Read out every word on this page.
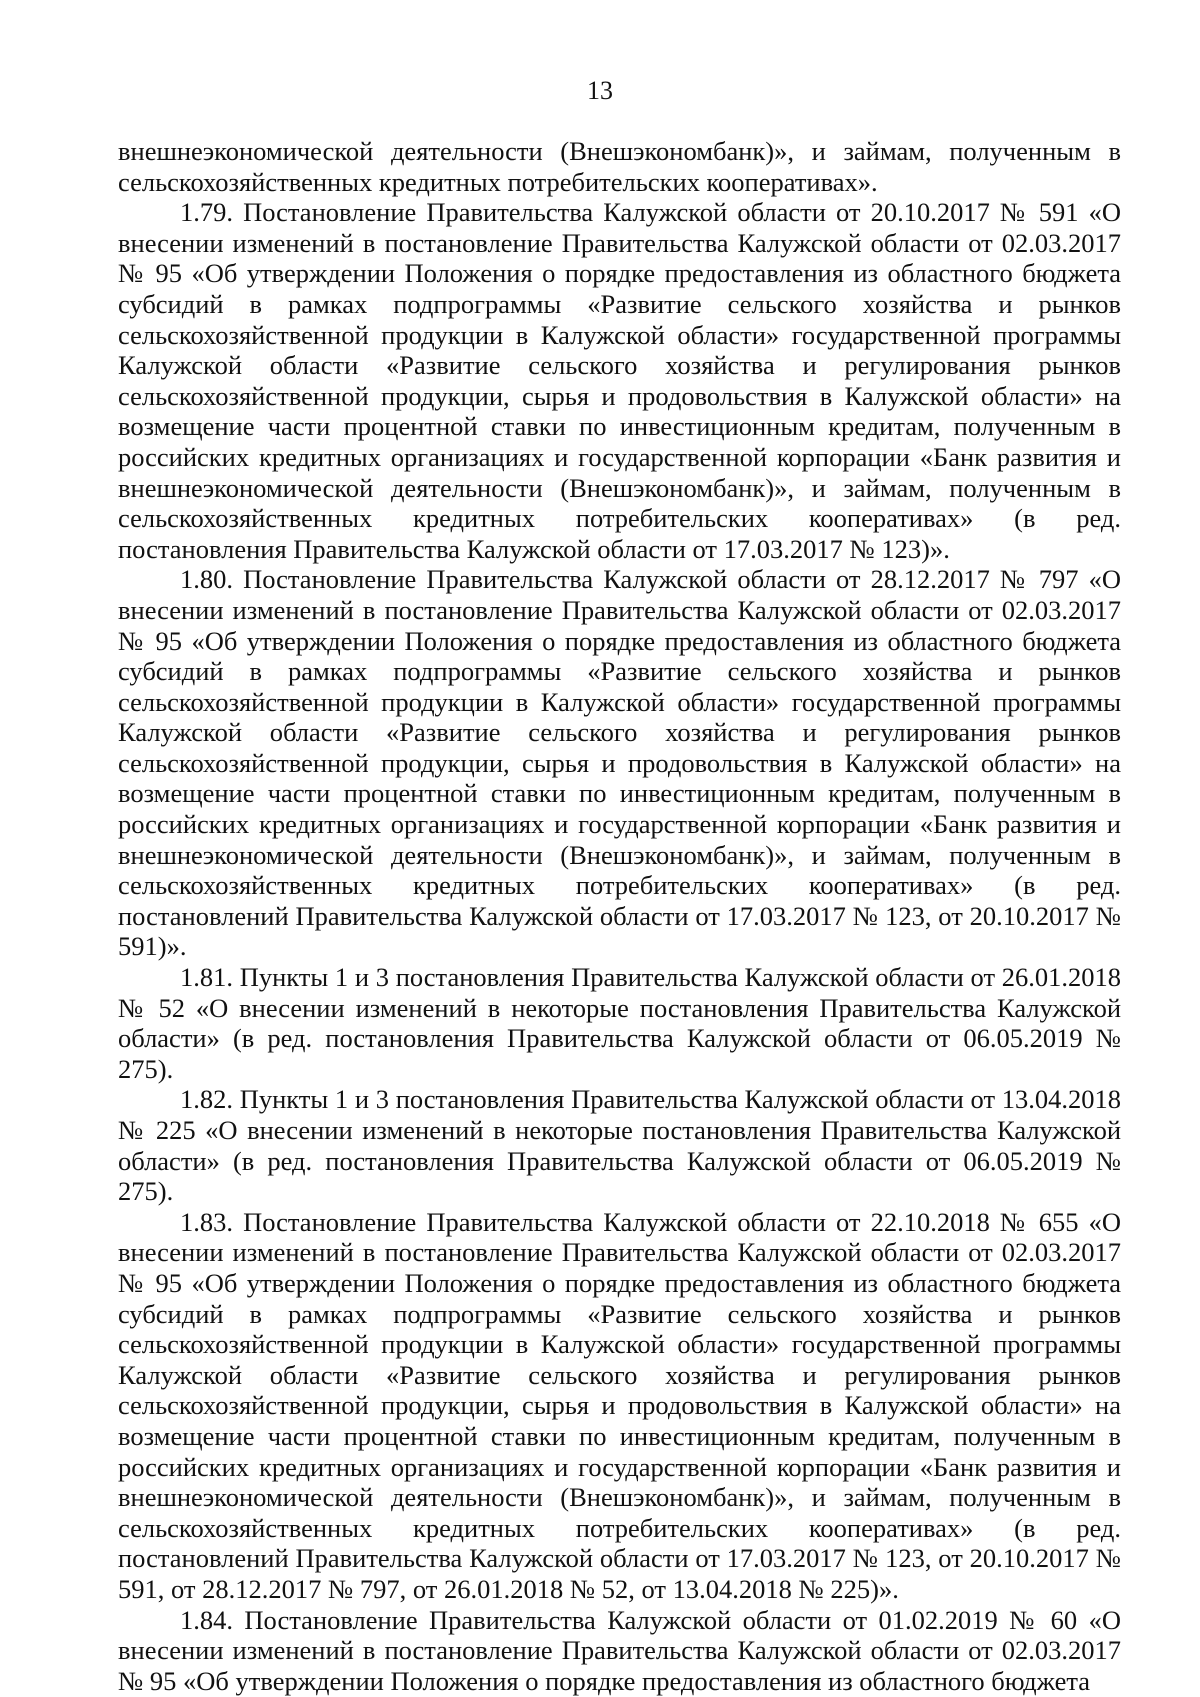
13

внешнеэкономической деятельности (Внешэкономбанк)», и займам, полученным в сельскохозяйственных кредитных потребительских кооперативах».

1.79. Постановление Правительства Калужской области от 20.10.2017 № 591 «О внесении изменений в постановление Правительства Калужской области от 02.03.2017 № 95 «Об утверждении Положения о порядке предоставления из областного бюджета субсидий в рамках подпрограммы «Развитие сельского хозяйства и рынков сельскохозяйственной продукции в Калужской области» государственной программы Калужской области «Развитие сельского хозяйства и регулирования рынков сельскохозяйственной продукции, сырья и продовольствия в Калужской области» на возмещение части процентной ставки по инвестиционным кредитам, полученным в российских кредитных организациях и государственной корпорации «Банк развития и внешнеэкономической деятельности (Внешэкономбанк)», и займам, полученным в сельскохозяйственных кредитных потребительских кооперативах» (в ред. постановления Правительства Калужской области от 17.03.2017 № 123)».

1.80. Постановление Правительства Калужской области от 28.12.2017 № 797 «О внесении изменений в постановление Правительства Калужской области от 02.03.2017 № 95 «Об утверждении Положения о порядке предоставления из областного бюджета субсидий в рамках подпрограммы «Развитие сельского хозяйства и рынков сельскохозяйственной продукции в Калужской области» государственной программы Калужской области «Развитие сельского хозяйства и регулирования рынков сельскохозяйственной продукции, сырья и продовольствия в Калужской области» на возмещение части процентной ставки по инвестиционным кредитам, полученным в российских кредитных организациях и государственной корпорации «Банк развития и внешнеэкономической деятельности (Внешэкономбанк)», и займам, полученным в сельскохозяйственных кредитных потребительских кооперативах» (в ред. постановлений Правительства Калужской области от 17.03.2017 № 123, от 20.10.2017 № 591)».

1.81. Пункты 1 и 3 постановления Правительства Калужской области от 26.01.2018 № 52 «О внесении изменений в некоторые постановления Правительства Калужской области» (в ред. постановления Правительства Калужской области от 06.05.2019 № 275).

1.82. Пункты 1 и 3 постановления Правительства Калужской области от 13.04.2018 № 225 «О внесении изменений в некоторые постановления Правительства Калужской области» (в ред. постановления Правительства Калужской области от 06.05.2019 № 275).

1.83. Постановление Правительства Калужской области от 22.10.2018 № 655 «О внесении изменений в постановление Правительства Калужской области от 02.03.2017 № 95 «Об утверждении Положения о порядке предоставления из областного бюджета субсидий в рамках подпрограммы «Развитие сельского хозяйства и рынков сельскохозяйственной продукции в Калужской области» государственной программы Калужской области «Развитие сельского хозяйства и регулирования рынков сельскохозяйственной продукции, сырья и продовольствия в Калужской области» на возмещение части процентной ставки по инвестиционным кредитам, полученным в российских кредитных организациях и государственной корпорации «Банк развития и внешнеэкономической деятельности (Внешэкономбанк)», и займам, полученным в сельскохозяйственных кредитных потребительских кооперативах» (в ред. постановлений Правительства Калужской области от 17.03.2017 № 123, от 20.10.2017 № 591, от 28.12.2017 № 797, от 26.01.2018 № 52, от 13.04.2018 № 225)».

1.84. Постановление Правительства Калужской области от 01.02.2019 № 60 «О внесении изменений в постановление Правительства Калужской области от 02.03.2017 № 95 «Об утверждении Положения о порядке предоставления из областного бюджета
